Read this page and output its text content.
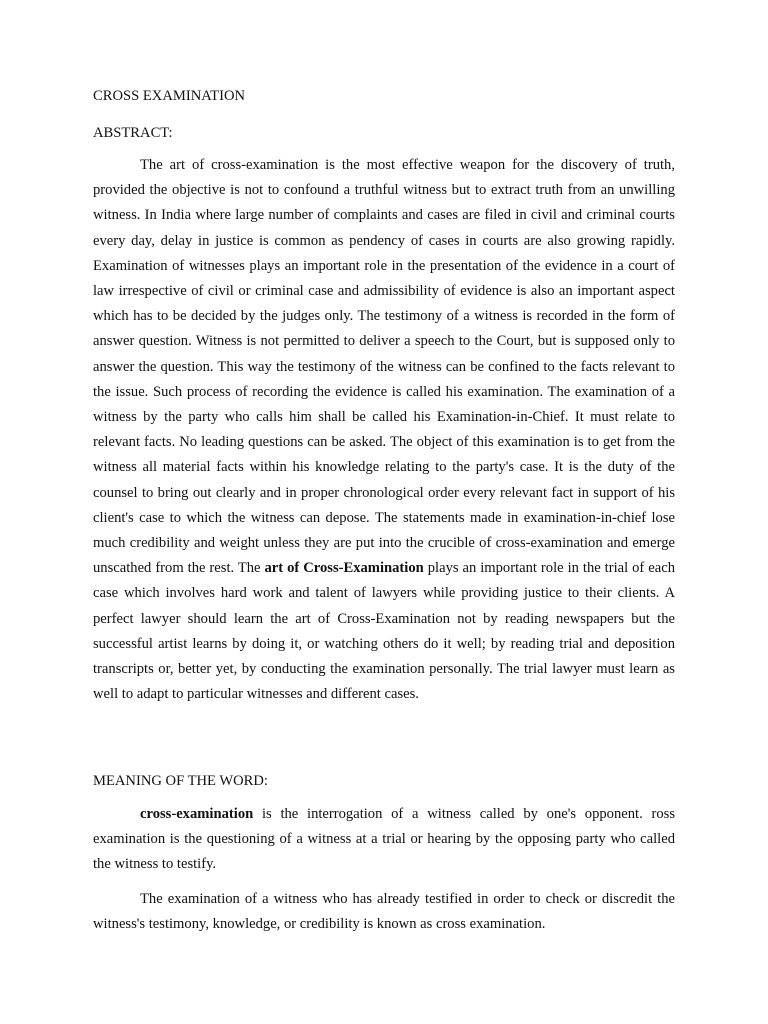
CROSS EXAMINATION
ABSTRACT:

The art of cross-examination is the most effective weapon for the discovery of truth, provided the objective is not to confound a truthful witness but to extract truth from an unwilling witness. In India where large number of complaints and cases are filed in civil and criminal courts every day, delay in justice is common as pendency of cases in courts are also growing rapidly. Examination of witnesses plays an important role in the presentation of the evidence in a court of law irrespective of civil or criminal case and admissibility of evidence is also an important aspect which has to be decided by the judges only. The testimony of a witness is recorded in the form of answer question. Witness is not permitted to deliver a speech to the Court, but is supposed only to answer the question. This way the testimony of the witness can be confined to the facts relevant to the issue. Such process of recording the evidence is called his examination. The examination of a witness by the party who calls him shall be called his Examination-in-Chief. It must relate to relevant facts. No leading questions can be asked. The object of this examination is to get from the witness all material facts within his knowledge relating to the party's case. It is the duty of the counsel to bring out clearly and in proper chronological order every relevant fact in support of his client's case to which the witness can depose. The statements made in examination-in-chief lose much credibility and weight unless they are put into the crucible of cross-examination and emerge unscathed from the rest. The art of Cross-Examination plays an important role in the trial of each case which involves hard work and talent of lawyers while providing justice to their clients. A perfect lawyer should learn the art of Cross-Examination not by reading newspapers but the successful artist learns by doing it, or watching others do it well; by reading trial and deposition transcripts or, better yet, by conducting the examination personally. The trial lawyer must learn as well to adapt to particular witnesses and different cases.

MEANING OF THE WORD:

cross-examination is the interrogation of a witness called by one's opponent. ross examination is the questioning of a witness at a trial or hearing by the opposing party who called the witness to testify.

The examination of a witness who has already testified in order to check or discredit the witness's testimony, knowledge, or credibility is known as cross examination.
